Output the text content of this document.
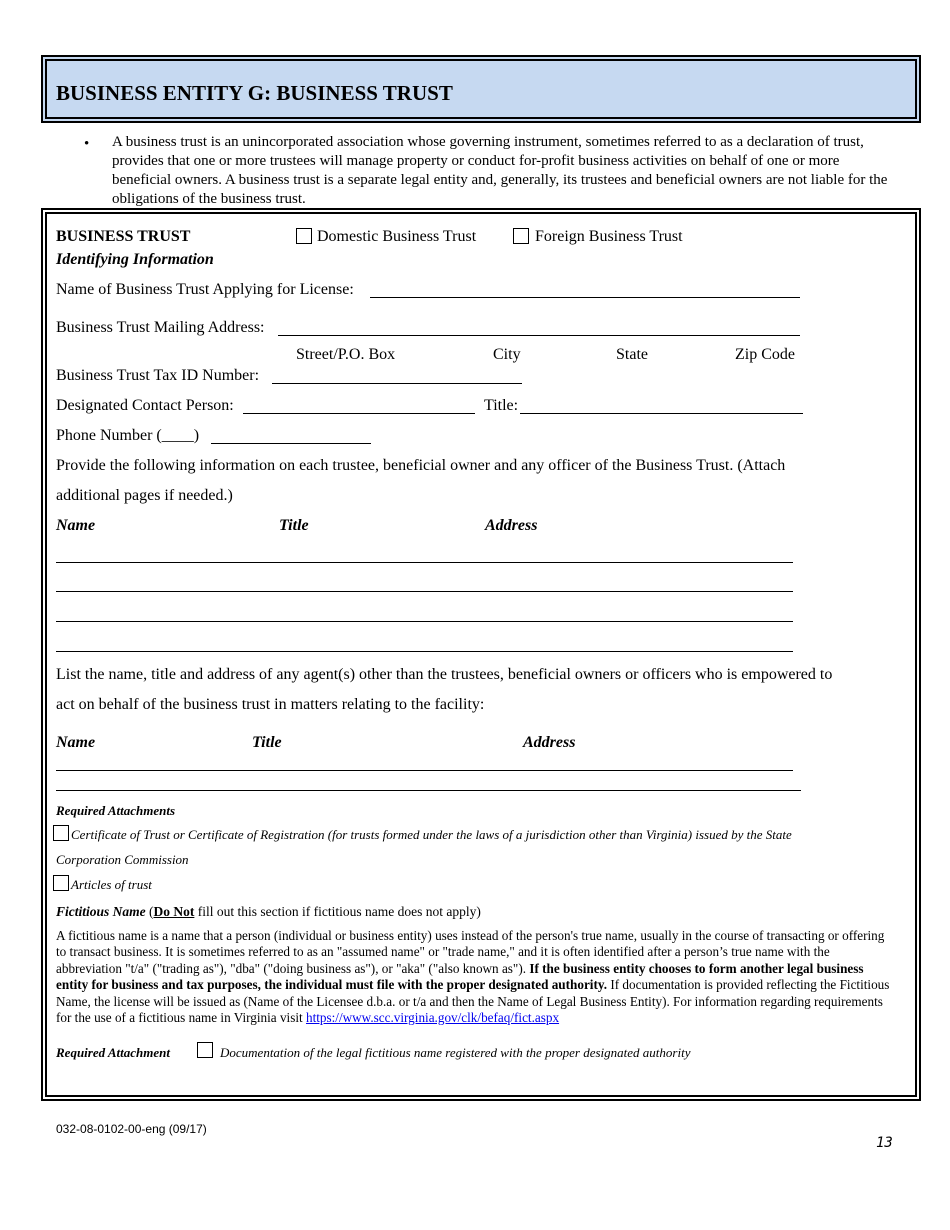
BUSINESS ENTITY G: BUSINESS TRUST
• A business trust is an unincorporated association whose governing instrument, sometimes referred to as a declaration of trust, provides that one or more trustees will manage property or conduct for-profit business activities on behalf of one or more beneficial owners. A business trust is a separate legal entity and, generally, its trustees and beneficial owners are not liable for the obligations of the business trust.
BUSINESS TRUST
Identifying Information
Domestic Business Trust	Foreign Business Trust
Name of Business Trust Applying for License:
Business Trust Mailing Address:
Street/P.O. Box	City	State	Zip Code
Business Trust Tax ID Number:
Designated Contact Person:	Title:
Phone Number (____)
Provide the following information on each trustee, beneficial owner and any officer of the Business Trust. (Attach
additional pages if needed.)
Name	Title	Address
List the name, title and address of any agent(s) other than the trustees, beneficial owners or officers who is empowered to
act on behalf of the business trust in matters relating to the facility:
Name	Title	Address
Required Attachments
Certificate of Trust or Certificate of Registration (for trusts formed under the laws of a jurisdiction other than Virginia) issued by the State
Corporation Commission
Articles of trust
Fictitious Name (Do Not fill out this section if fictitious name does not apply)
A fictitious name is a name that a person (individual or business entity) uses instead of the person's true name, usually in the course of transacting or offering to transact business. It is sometimes referred to as an "assumed name" or "trade name," and it is often identified after a person’s true name with the abbreviation "t/a" ("trading as"), "dba" ("doing business as"), or "aka" ("also known as"). If the business entity chooses to form another legal business entity for business and tax purposes, the individual must file with the proper designated authority. If documentation is provided reflecting the Fictitious Name, the license will be issued as (Name of the Licensee d.b.a. or t/a and then the Name of Legal Business Entity). For information regarding requirements for the use of a fictitious name in Virginia visit https://www.scc.virginia.gov/clk/befaq/fict.aspx
Required Attachment	Documentation of the legal fictitious name registered with the proper designated authority
032-08-0102-00-eng (09/17)
13
